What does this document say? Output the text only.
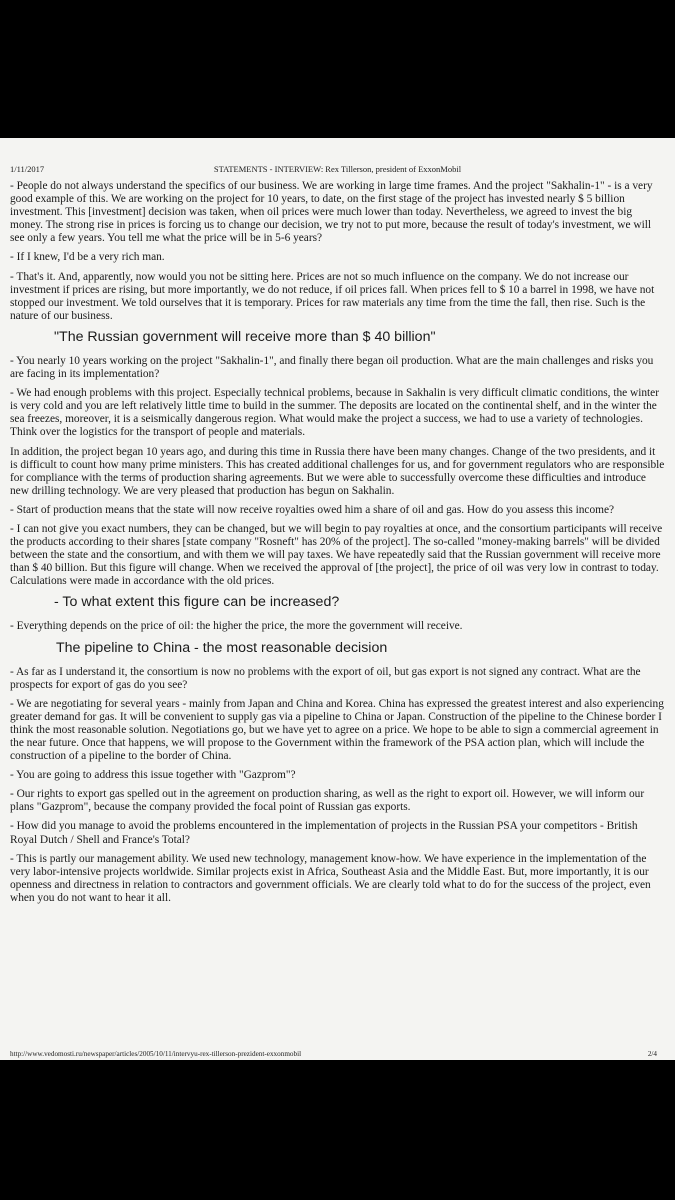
1/11/2017	STATEMENTS - INTERVIEW: Rex Tillerson, president of ExxonMobil

- People do not always understand the specifics of our business. We are working in large time frames. And the project "Sakhalin-1" - is a very good example of this. We are working on the project for 10 years, to date, on the first stage of the project has invested nearly $ 5 billion investment. This [investment] decision was taken, when oil prices were much lower than today. Nevertheless, we agreed to invest the big money. The strong rise in prices is forcing us to change our decision, we try not to put more, because the result of today's investment, we will see only a few years. You tell me what the price will be in 5-6 years?

- If I knew, I'd be a very rich man.

- That's it. And, apparently, now would you not be sitting here. Prices are not so much influence on the company. We do not increase our investment if prices are rising, but more importantly, we do not reduce, if oil prices fall. When prices fell to $ 10 a barrel in 1998, we have not stopped our investment. We told ourselves that it is temporary. Prices for raw materials any time from the time the fall, then rise. Such is the nature of our business.

"The Russian government will receive more than $ 40 billion"

- You nearly 10 years working on the project "Sakhalin-1", and finally there began oil production. What are the main challenges and risks you are facing in its implementation?

- We had enough problems with this project. Especially technical problems, because in Sakhalin is very difficult climatic conditions, the winter is very cold and you are left relatively little time to build in the summer. The deposits are located on the continental shelf, and in the winter the sea freezes, moreover, it is a seismically dangerous region. What would make the project a success, we had to use a variety of technologies. Think over the logistics for the transport of people and materials.

In addition, the project began 10 years ago, and during this time in Russia there have been many changes. Change of the two presidents, and it is difficult to count how many prime ministers. This has created additional challenges for us, and for government regulators who are responsible for compliance with the terms of production sharing agreements. But we were able to successfully overcome these difficulties and introduce new drilling technology. We are very pleased that production has begun on Sakhalin.

- Start of production means that the state will now receive royalties owed him a share of oil and gas. How do you assess this income?

- I can not give you exact numbers, they can be changed, but we will begin to pay royalties at once, and the consortium participants will receive the products according to their shares [state company "Rosneft" has 20% of the project]. The so-called "money-making barrels" will be divided between the state and the consortium, and with them we will pay taxes. We have repeatedly said that the Russian government will receive more than $ 40 billion. But this figure will change. When we received the approval of [the project], the price of oil was very low in contrast to today. Calculations were made in accordance with the old prices.

- To what extent this figure can be increased?

- Everything depends on the price of oil: the higher the price, the more the government will receive.

The pipeline to China - the most reasonable decision

- As far as I understand it, the consortium is now no problems with the export of oil, but gas export is not signed any contract. What are the prospects for export of gas do you see?

- We are negotiating for several years - mainly from Japan and China and Korea. China has expressed the greatest interest and also experiencing greater demand for gas. It will be convenient to supply gas via a pipeline to China or Japan. Construction of the pipeline to the Chinese border I think the most reasonable solution. Negotiations go, but we have yet to agree on a price. We hope to be able to sign a commercial agreement in the near future. Once that happens, we will propose to the Government within the framework of the PSA action plan, which will include the construction of a pipeline to the border of China.

- You are going to address this issue together with "Gazprom"?

- Our rights to export gas spelled out in the agreement on production sharing, as well as the right to export oil. However, we will inform our plans "Gazprom", because the company provided the focal point of Russian gas exports.

- How did you manage to avoid the problems encountered in the implementation of projects in the Russian PSA your competitors - British Royal Dutch / Shell and France's Total?

- This is partly our management ability. We used new technology, management know-how. We have experience in the implementation of the very labor-intensive projects worldwide. Similar projects exist in Africa, Southeast Asia and the Middle East. But, more importantly, it is our openness and directness in relation to contractors and government officials. We are clearly told what to do for the success of the project, even when you do not want to hear it all.

http://www.vedomosti.ru/newspaper/articles/2005/10/11/intervyu-rex-tillerson-prezident-exxonmobil	2/4
